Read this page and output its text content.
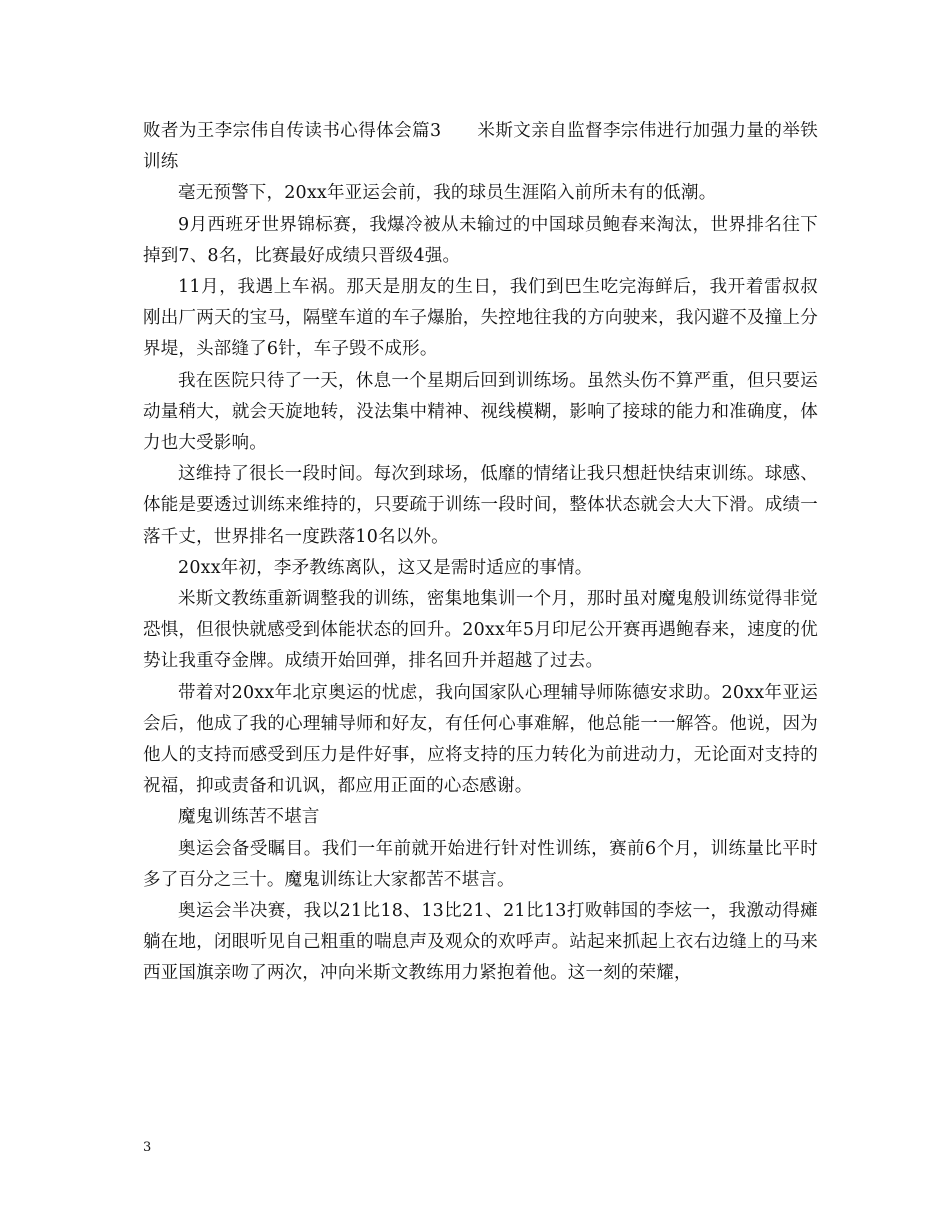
败者为王李宗伟自传读书心得体会篇3　　米斯文亲自监督李宗伟进行加强力量的举铁训练

毫无预警下，20xx年亚运会前，我的球员生涯陷入前所未有的低潮。

9月西班牙世界锦标赛，我爆冷被从未输过的中国球员鲍春来淘汰，世界排名往下掉到7、8名，比赛最好成绩只晋级4强。

11月，我遇上车祸。那天是朋友的生日，我们到巴生吃完海鲜后，我开着雷叔叔刚出厂两天的宝马，隔壁车道的车子爆胎，失控地往我的方向驶来，我闪避不及撞上分界堤，头部缝了6针，车子毁不成形。

我在医院只待了一天，休息一个星期后回到训练场。虽然头伤不算严重，但只要运动量稍大，就会天旋地转，没法集中精神、视线模糊，影响了接球的能力和准确度，体力也大受影响。

这维持了很长一段时间。每次到球场，低靡的情绪让我只想赶快结束训练。球感、体能是要透过训练来维持的，只要疏于训练一段时间，整体状态就会大大下滑。成绩一落千丈，世界排名一度跌落10名以外。

20xx年初，李矛教练离队，这又是需时适应的事情。

米斯文教练重新调整我的训练，密集地集训一个月，那时虽对魔鬼般训练觉得非觉恐惧，但很快就感受到体能状态的回升。20xx年5月印尼公开赛再遇鲍春来，速度的优势让我重夺金牌。成绩开始回弹，排名回升并超越了过去。

带着对20xx年北京奥运的忧虑，我向国家队心理辅导师陈德安求助。20xx年亚运会后，他成了我的心理辅导师和好友，有任何心事难解，他总能一一解答。他说，因为他人的支持而感受到压力是件好事，应将支持的压力转化为前进动力，无论面对支持的祝福，抑或责备和讥讽，都应用正面的心态感谢。

魔鬼训练苦不堪言

奥运会备受瞩目。我们一年前就开始进行针对性训练，赛前6个月，训练量比平时多了百分之三十。魔鬼训练让大家都苦不堪言。

奥运会半决赛，我以21比18、13比21、21比13打败韩国的李炫一，我激动得瘫躺在地，闭眼听见自己粗重的喘息声及观众的欢呼声。站起来抓起上衣右边缝上的马来西亚国旗亲吻了两次，冲向米斯文教练用力紧抱着他。这一刻的荣耀，

3
